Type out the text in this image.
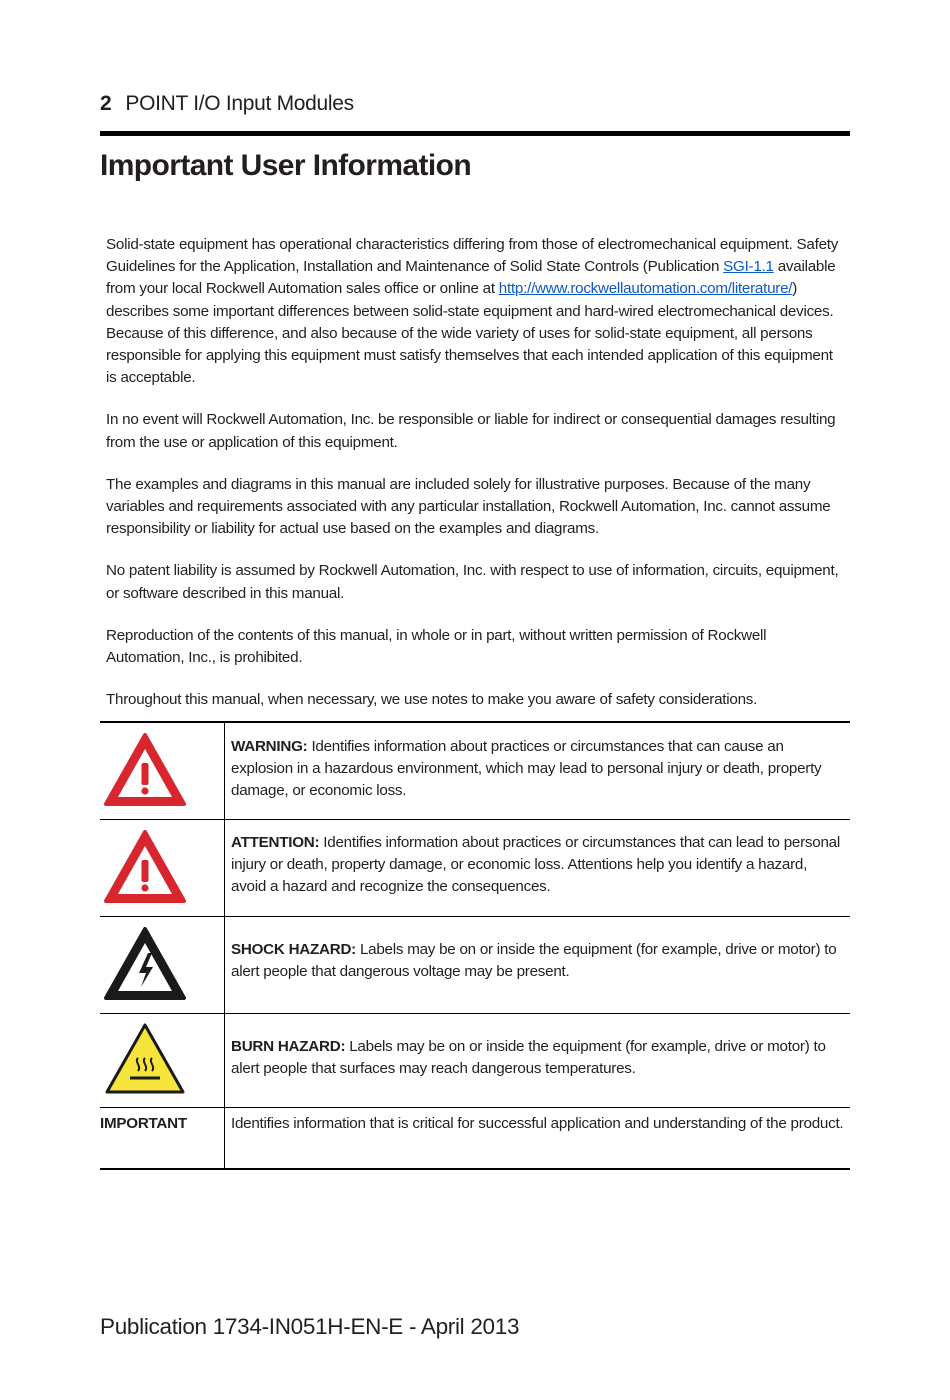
2 POINT I/O Input Modules
Important User Information

Solid-state equipment has operational characteristics differing from those of electromechanical equipment. Safety Guidelines for the Application, Installation and Maintenance of Solid State Controls (Publication SGI-1.1 available from your local Rockwell Automation sales office or online at http://www.rockwellautomation.com/literature/) describes some important differences between solid-state equipment and hard-wired electromechanical devices. Because of this difference, and also because of the wide variety of uses for solid-state equipment, all persons responsible for applying this equipment must satisfy themselves that each intended application of this equipment is acceptable.

In no event will Rockwell Automation, Inc. be responsible or liable for indirect or consequential damages resulting from the use or application of this equipment.

The examples and diagrams in this manual are included solely for illustrative purposes. Because of the many variables and requirements associated with any particular installation, Rockwell Automation, Inc. cannot assume responsibility or liability for actual use based on the examples and diagrams.

No patent liability is assumed by Rockwell Automation, Inc. with respect to use of information, circuits, equipment, or software described in this manual.

Reproduction of the contents of this manual, in whole or in part, without written permission of Rockwell Automation, Inc., is prohibited.

Throughout this manual, when necessary, we use notes to make you aware of safety considerations.

	WARNING: Identifies information about practices or circumstances that can cause an explosion in a hazardous environment, which may lead to personal injury or death, property damage, or economic loss.

	ATTENTION: Identifies information about practices or circumstances that can lead to personal injury or death, property damage, or economic loss. Attentions help you identify a hazard, avoid a hazard and recognize the consequences.

	SHOCK HAZARD: Labels may be on or inside the equipment (for example, drive or motor) to alert people that dangerous voltage may be present.

	BURN HAZARD: Labels may be on or inside the equipment (for example, drive or motor) to alert people that surfaces may reach dangerous temperatures.
IMPORTANT	Identifies information that is critical for successful application and understanding of the product.
Publication 1734-IN051H-EN-E - April 2013
